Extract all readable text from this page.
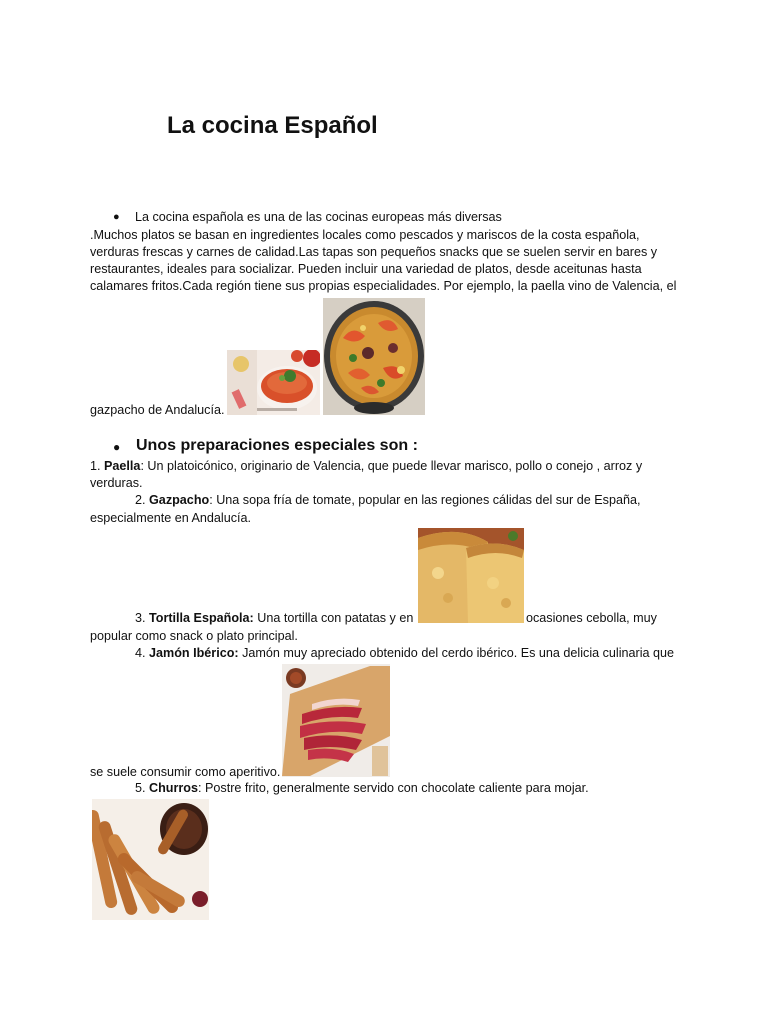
La cocina Español
● La cocina española es una de las cocinas europeas más diversas
.Muchos platos se basan en ingredientes locales como pescados y mariscos de la costa española,
verduras frescas y carnes de calidad.Las tapas son pequeños snacks que se suelen servir en bares y
restaurantes, ideales para socializar. Pueden incluir una variedad de platos, desde aceitunas hasta
calamares fritos.Cada región tiene sus propias especialidades. Por ejemplo, la paella vino de Valencia, el
gazpacho de Andalucía.
● Unos preparaciones especiales son :
1. Paella: Un platoicónico, originario de Valencia, que puede llevar marisco, pollo o conejo , arroz y
verduras.
2. Gazpacho: Una sopa fría de tomate, popular en las regiones cálidas del sur de España,
especialmente en Andalucía.
3. Tortilla Española: Una tortilla con patatas y en	ocasiones cebolla, muy
popular como snack o plato principal.
4. Jamón Ibérico: Jamón muy apreciado obtenido del cerdo ibérico. Es una delicia culinaria que
se suele consumir como aperitivo.
5. Churros: Postre frito, generalmente servido con chocolate caliente para mojar.
